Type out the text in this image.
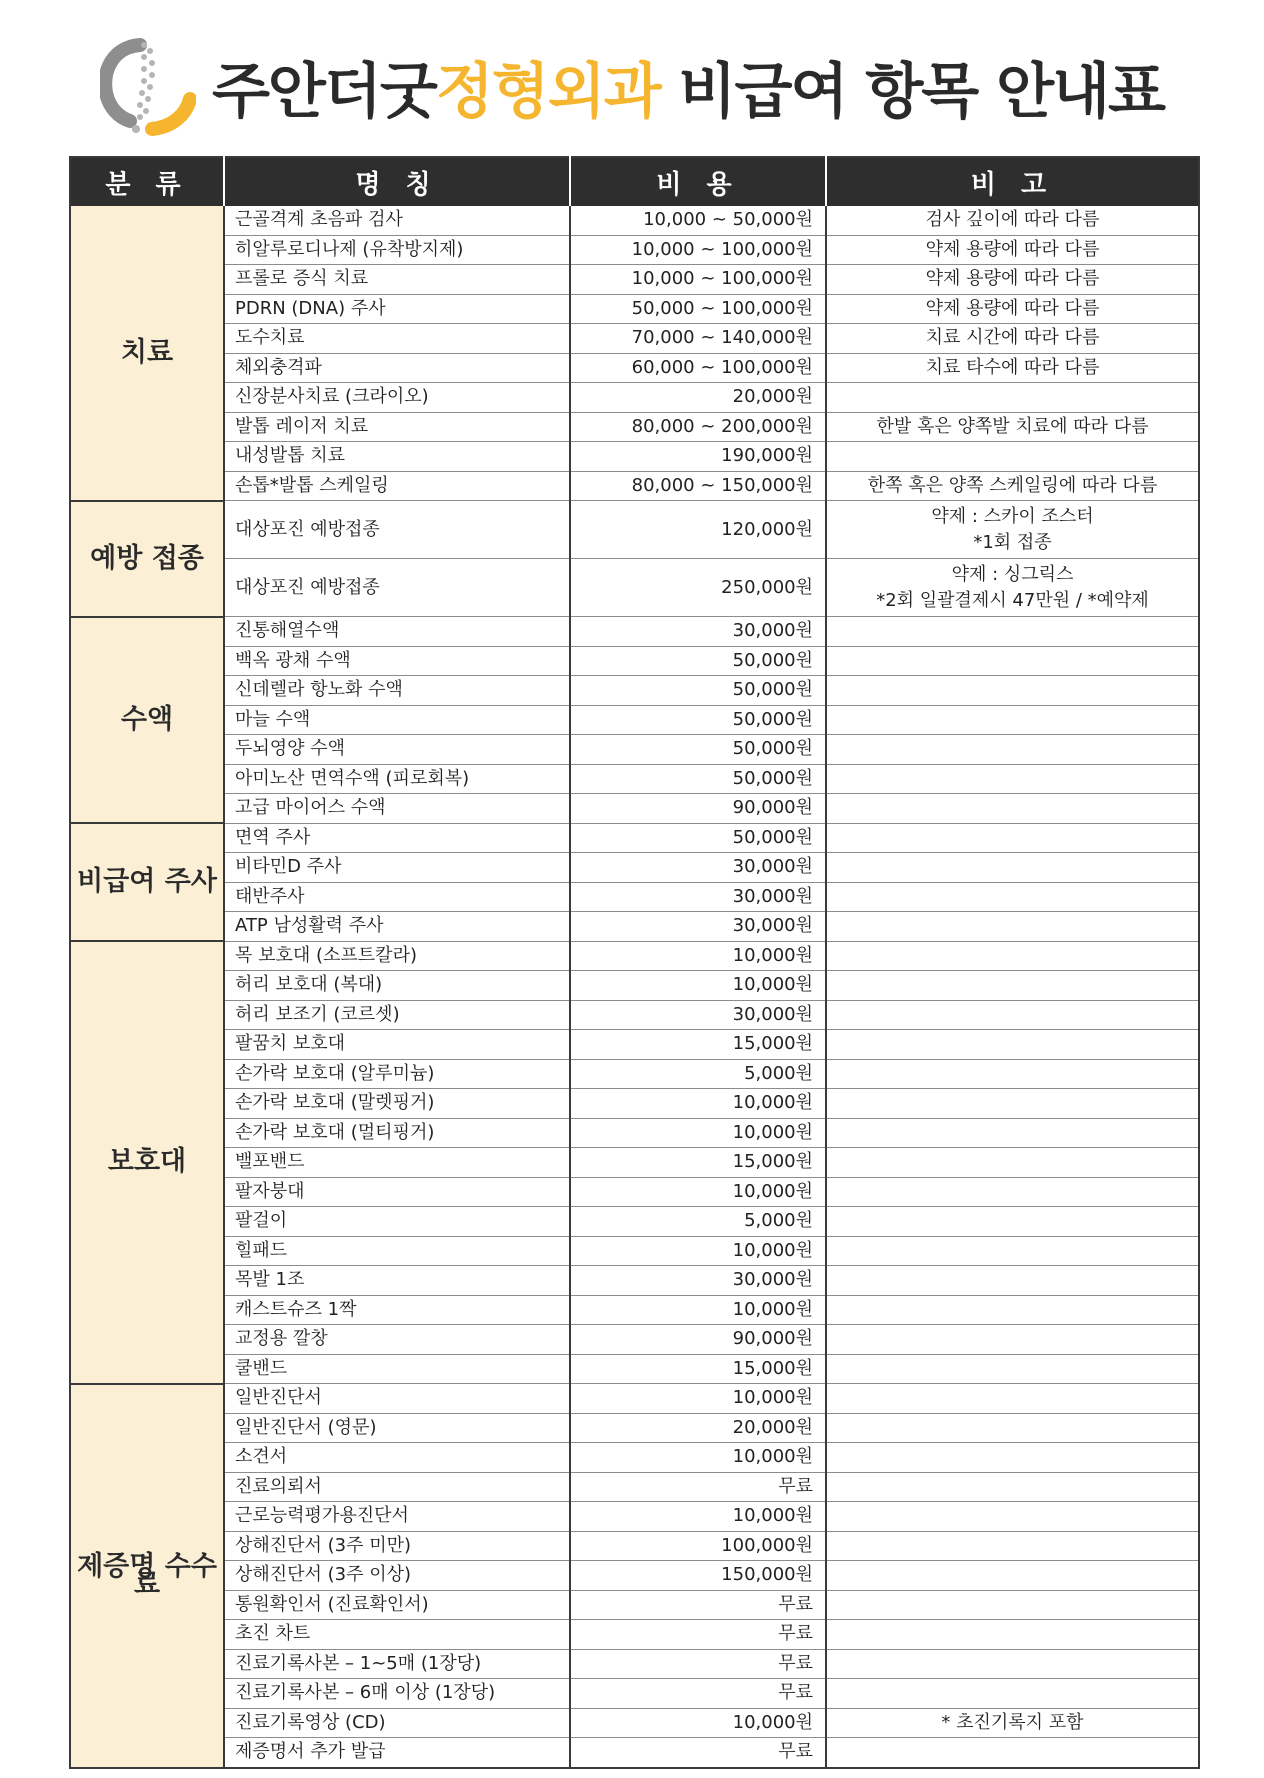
주안더굿정형외과 비급여 항목 안내표
분 류	명 칭	비 용	비 고
치료	근골격계 초음파 검사	10,000 ~ 50,000원	검사 깊이에 따라 다름
	히알루로디나제 (유착방지제)	10,000 ~ 100,000원	약제 용량에 따라 다름
	프롤로 증식 치료	10,000 ~ 100,000원	약제 용량에 따라 다름
	PDRN (DNA) 주사	50,000 ~ 100,000원	약제 용량에 따라 다름
	도수치료	70,000 ~ 140,000원	치료 시간에 따라 다름
	체외충격파	60,000 ~ 100,000원	치료 타수에 따라 다름
	신장분사치료 (크라이오)	20,000원	
	발톱 레이저 치료	80,000 ~ 200,000원	한발 혹은 양쪽발 치료에 따라 다름
	내성발톱 치료	190,000원	
	손톱*발톱 스케일링	80,000 ~ 150,000원	한쪽 혹은 양쪽 스케일링에 따라 다름
예방 접종	대상포진 예방접종	120,000원	약제 : 스카이 조스터
*1회 접종

	대상포진 예방접종	250,000원	약제 : 싱그릭스
*2회 일괄결제시 47만원 / *예약제

수액	진통해열수액	30,000원	
	백옥 광채 수액	50,000원	
	신데렐라 항노화 수액	50,000원	
	마늘 수액	50,000원	
	두뇌영양 수액	50,000원	
	아미노산 면역수액 (피로회복)	50,000원	
	고급 마이어스 수액	90,000원	
비급여 주사	면역 주사	50,000원	
	비타민D 주사	30,000원	
	태반주사	30,000원	
	ATP 남성활력 주사	30,000원	
보호대	목 보호대 (소프트칼라)	10,000원	
	허리 보호대 (복대)	10,000원	
	허리 보조기 (코르셋)	30,000원	
	팔꿈치 보호대	15,000원	
	손가락 보호대 (알루미늄)	5,000원	
	손가락 보호대 (말렛핑거)	10,000원	
	손가락 보호대 (멀티핑거)	10,000원	
	밸포밴드	15,000원	
	팔자붕대	10,000원	
	팔걸이	5,000원	
	힐패드	10,000원	
	목발 1조	30,000원	
	캐스트슈즈 1짝	10,000원	
	교정용 깔창	90,000원	
	쿨밴드	15,000원	
제증명 수수료	일반진단서	10,000원	
	일반진단서 (영문)	20,000원	
	소견서	10,000원	
	진료의뢰서	무료	
	근로능력평가용진단서	10,000원	
	상해진단서 (3주 미만)	100,000원	
	상해진단서 (3주 이상)	150,000원	
	통원확인서 (진료확인서)	무료	
	초진 차트	무료	
	진료기록사본 – 1~5매 (1장당)	무료	
	진료기록사본 – 6매 이상 (1장당)	무료	
	진료기록영상 (CD)	10,000원	* 초진기록지 포함
	제증명서 추가 발급	무료	
